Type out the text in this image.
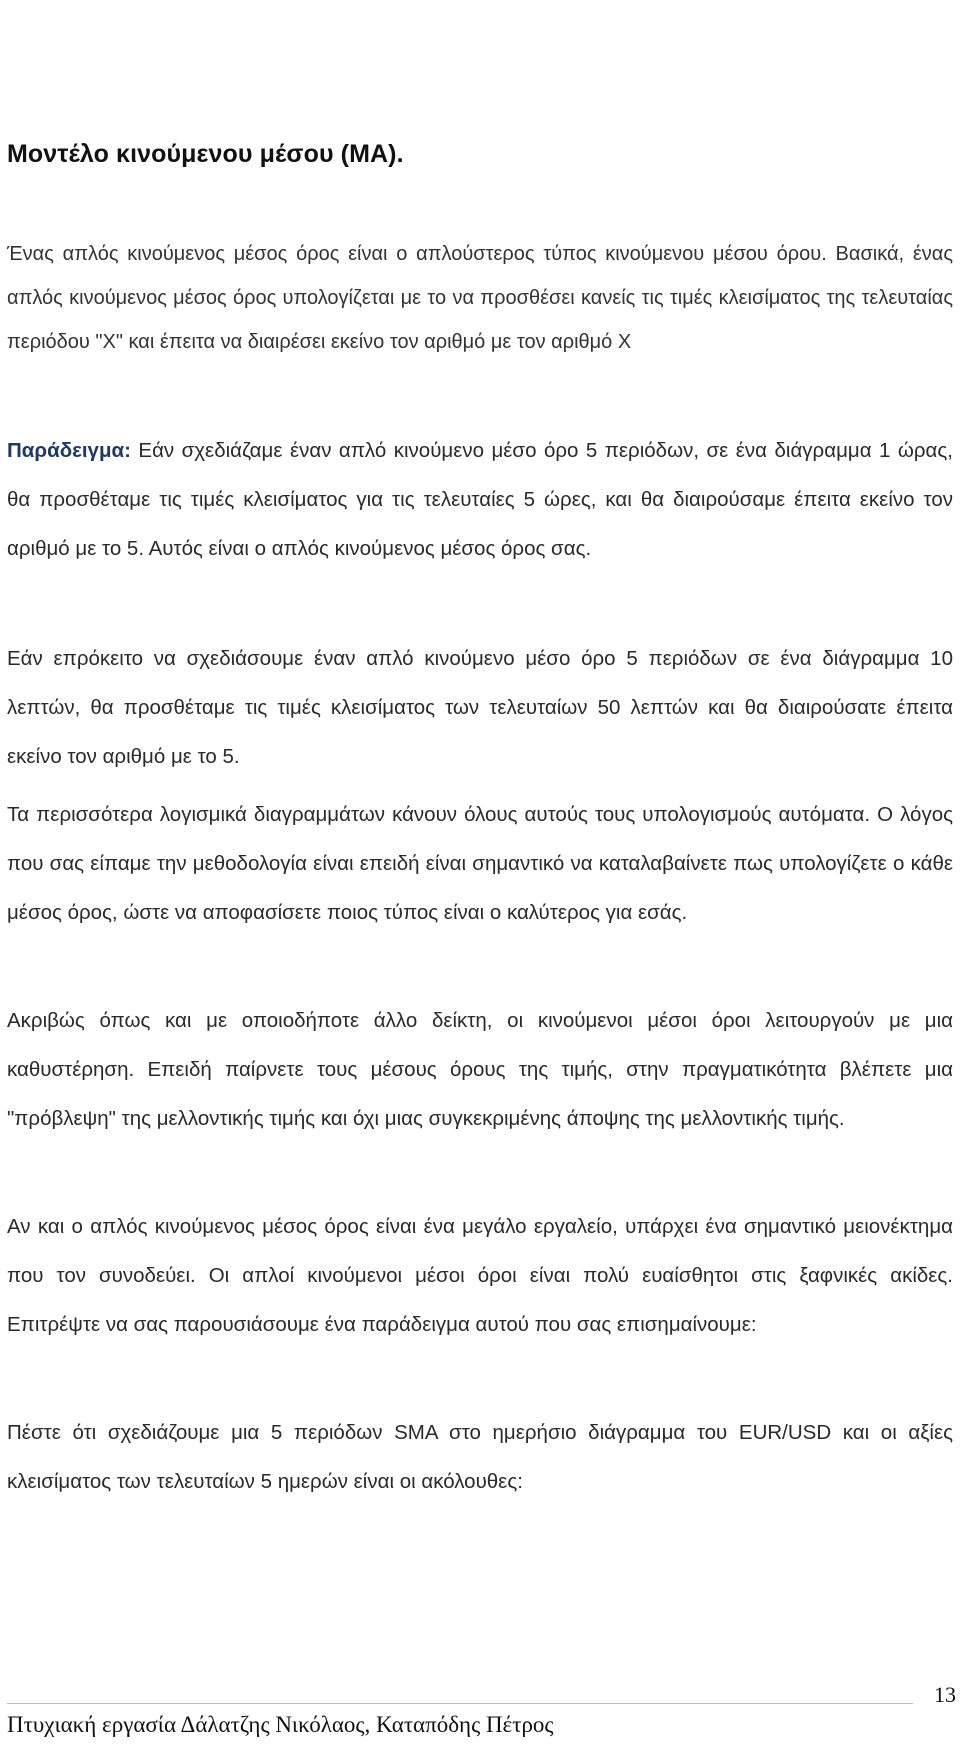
Μοντέλο κινούμενου μέσου (MA).

Ένας απλός κινούμενος μέσος όρος είναι ο απλούστερος τύπος κινούμενου μέσου όρου. Βασικά, ένας απλός κινούμενος μέσος όρος υπολογίζεται με το να προσθέσει κανείς τις τιμές κλεισίματος της τελευταίας περιόδου "Χ" και έπειτα να διαιρέσει εκείνο τον αριθμό με τον αριθμό Χ

Παράδειγμα: Εάν σχεδιάζαμε έναν απλό κινούμενο μέσο όρο 5 περιόδων, σε ένα διάγραμμα 1 ώρας, θα προσθέταμε τις τιμές κλεισίματος για τις τελευταίες 5 ώρες, και θα διαιρούσαμε έπειτα εκείνο τον αριθμό με το 5. Αυτός είναι ο απλός κινούμενος μέσος όρος σας.

Εάν επρόκειτο να σχεδιάσουμε έναν απλό κινούμενο μέσο όρο 5 περιόδων σε ένα διάγραμμα 10 λεπτών, θα προσθέταμε τις τιμές κλεισίματος των τελευταίων 50 λεπτών και θα διαιρούσατε έπειτα εκείνο τον αριθμό με το 5.

Τα περισσότερα λογισμικά διαγραμμάτων κάνουν όλους αυτούς τους υπολογισμούς αυτόματα. Ο λόγος που σας είπαμε την μεθοδολογία είναι επειδή είναι σημαντικό να καταλαβαίνετε πως υπολογίζετε ο κάθε μέσος όρος, ώστε να αποφασίσετε ποιος τύπος είναι ο καλύτερος για εσάς.

Ακριβώς όπως και με οποιοδήποτε άλλο δείκτη, οι κινούμενοι μέσοι όροι λειτουργούν με μια καθυστέρηση. Επειδή παίρνετε τους μέσους όρους της τιμής, στην πραγματικότητα βλέπετε μια "πρόβλεψη" της μελλοντικής τιμής και όχι μιας συγκεκριμένης άποψης της μελλοντικής τιμής.

Αν και ο απλός κινούμενος μέσος όρος είναι ένα μεγάλο εργαλείο, υπάρχει ένα σημαντικό μειονέκτημα που τον συνοδεύει. Οι απλοί κινούμενοι μέσοι όροι είναι πολύ ευαίσθητοι στις ξαφνικές ακίδες. Επιτρέψτε να σας παρουσιάσουμε ένα παράδειγμα αυτού που σας επισημαίνουμε:

Πέστε ότι σχεδιάζουμε μια 5 περιόδων SMA στο ημερήσιο διάγραμμα του EUR/USD και οι αξίες κλεισίματος των τελευταίων 5 ημερών είναι οι ακόλουθες:

13
Πτυχιακή εργασία Δάλατζης Νικόλαος, Καταπόδης Πέτρος
